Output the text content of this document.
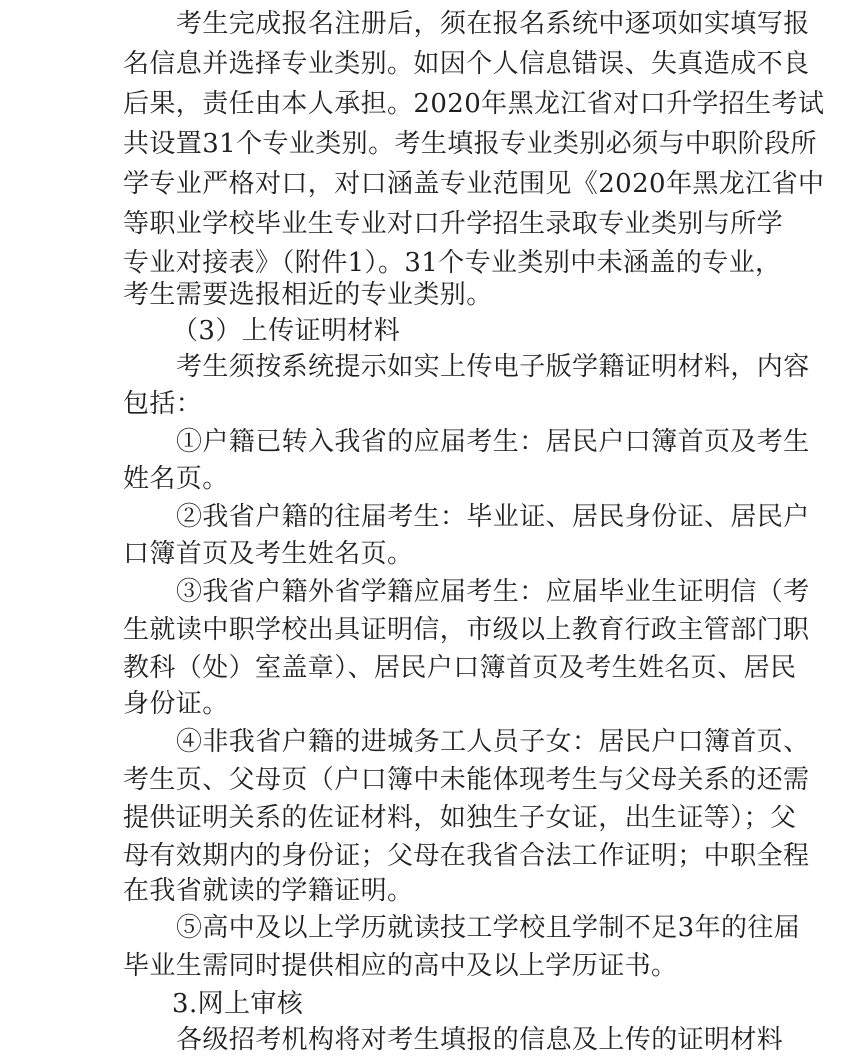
考生完成报名注册后，须在报名系统中逐项如实填写报
名信息并选择专业类别。如因个人信息错误、失真造成不良
后果，责任由本人承担。2020年黑龙江省对口升学招生考试
共设置31个专业类别。考生填报专业类别必须与中职阶段所
学专业严格对口，对口涵盖专业范围见《2020年黑龙江省中
等职业学校毕业生专业对口升学招生录取专业类别与所学
专业对接表》（附件1）。31个专业类别中未涵盖的专业，
考生需要选报相近的专业类别。
（3）上传证明材料
考生须按系统提示如实上传电子版学籍证明材料，内容
包括：
①户籍已转入我省的应届考生：居民户口簿首页及考生
姓名页。
②我省户籍的往届考生：毕业证、居民身份证、居民户
口簿首页及考生姓名页。
③我省户籍外省学籍应届考生：应届毕业生证明信（考
生就读中职学校出具证明信，市级以上教育行政主管部门职
教科（处）室盖章）、居民户口簿首页及考生姓名页、居民
身份证。
④非我省户籍的进城务工人员子女：居民户口簿首页、
考生页、父母页（户口簿中未能体现考生与父母关系的还需
提供证明关系的佐证材料，如独生子女证，出生证等）；父
母有效期内的身份证；父母在我省合法工作证明；中职全程
在我省就读的学籍证明。
⑤高中及以上学历就读技工学校且学制不足3年的往届
毕业生需同时提供相应的高中及以上学历证书。
3.网上审核
各级招考机构将对考生填报的信息及上传的证明材料
